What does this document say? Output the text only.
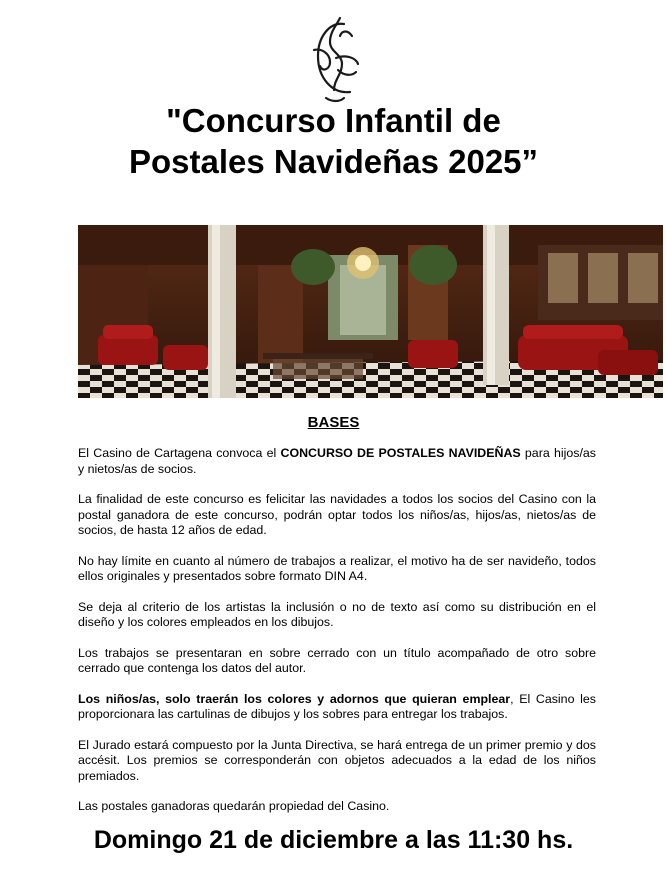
"Concurso Infantil de
Postales Navideñas 2025”
BASES

El Casino de Cartagena convoca el CONCURSO DE POSTALES NAVIDEÑAS para hijos/as y nietos/as de socios.

La finalidad de este concurso es felicitar las navidades a todos los socios del Casino con la postal ganadora de este concurso, podrán optar todos los niños/as, hijos/as, nietos/as de socios, de hasta 12 años de edad.

No hay límite en cuanto al número de trabajos a realizar, el motivo ha de ser navideño, todos ellos originales y presentados sobre formato DIN A4.

Se deja al criterio de los artistas la inclusión o no de texto así como su distribución en el diseño y los colores empleados en los dibujos.

Los trabajos se presentaran en sobre cerrado con un título acompañado de otro sobre cerrado que contenga los datos del autor.

Los niños/as, solo traerán los colores y adornos que quieran emplear, El Casino les proporcionara las cartulinas de dibujos y los sobres para entregar los trabajos.

El Jurado estará compuesto por la Junta Directiva, se hará entrega de un primer premio y dos accésit. Los premios se corresponderán con objetos adecuados a la edad de los niños premiados.

Las postales ganadoras quedarán propiedad del Casino.

Domingo 21 de diciembre a las 11:30 hs.
